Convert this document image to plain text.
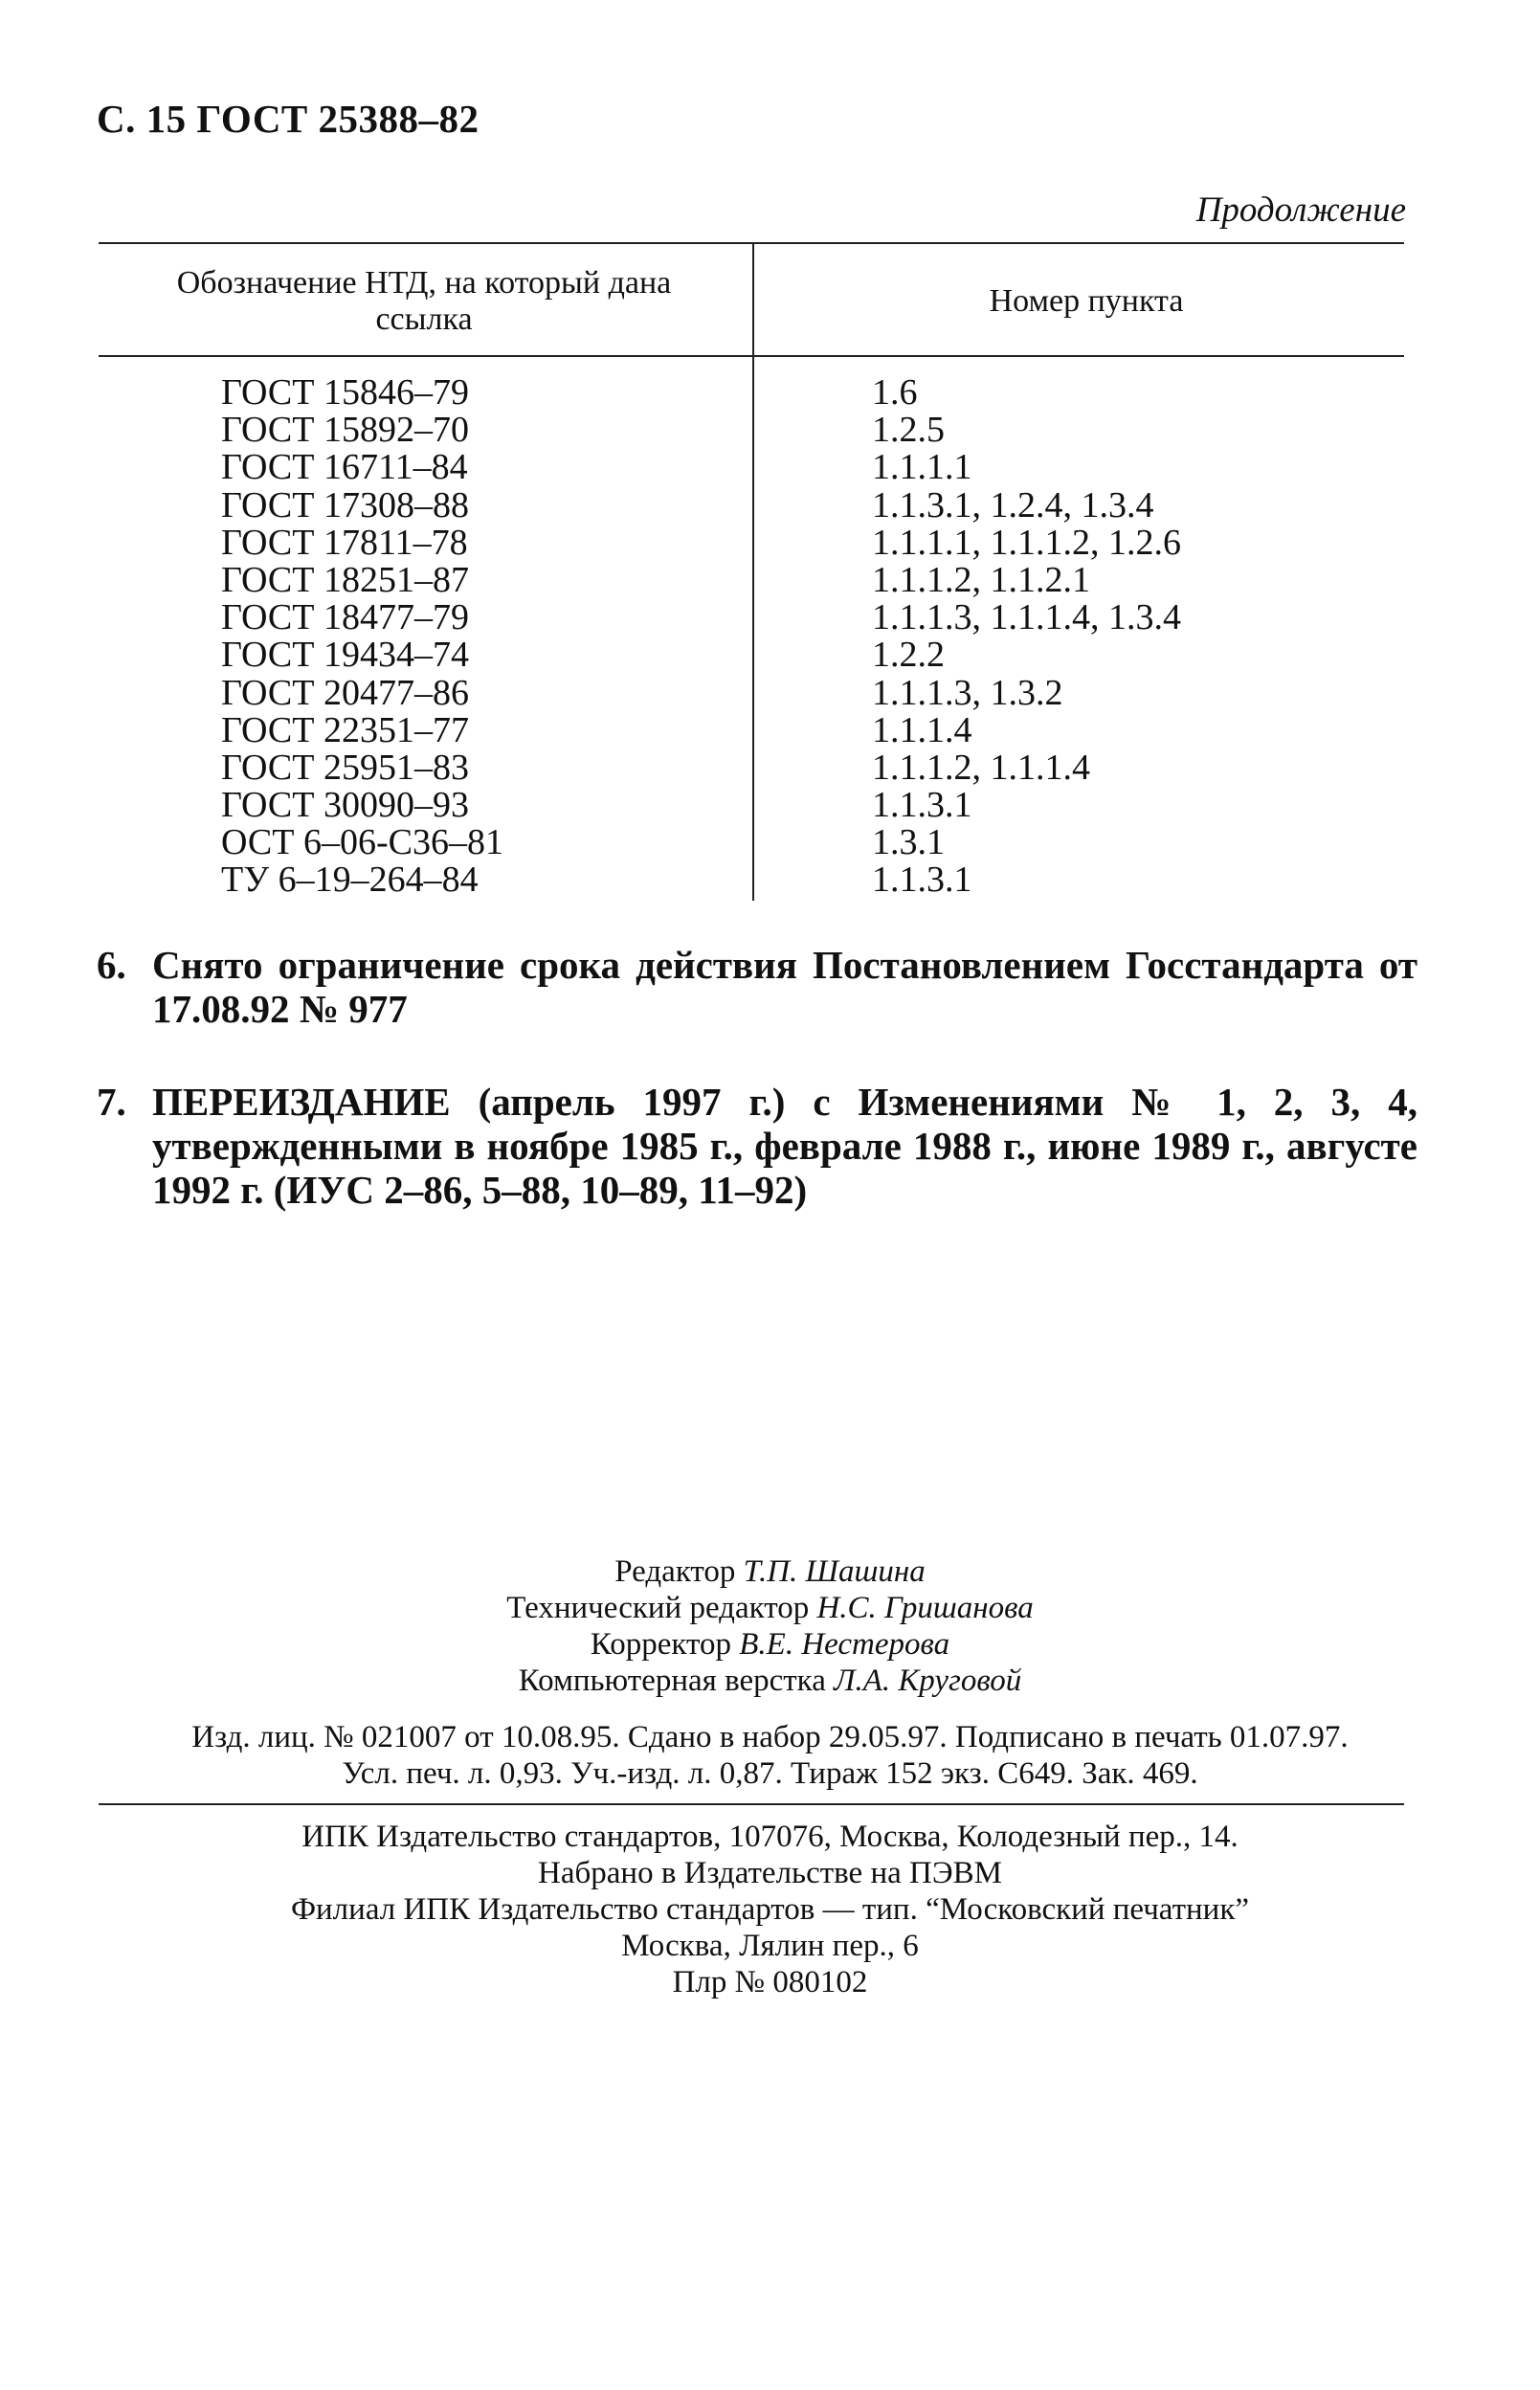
С. 15 ГОСТ 25388–82
Продолжение
Обозначение НТД, на который дана ссылка
Номер пункта
ГОСТ 15846–79	1.6
ГОСТ 15892–70	1.2.5
ГОСТ 16711–84	1.1.1.1
ГОСТ 17308–88	1.1.3.1, 1.2.4, 1.3.4
ГОСТ 17811–78	1.1.1.1, 1.1.1.2, 1.2.6
ГОСТ 18251–87	1.1.1.2, 1.1.2.1
ГОСТ 18477–79	1.1.1.3, 1.1.1.4, 1.3.4
ГОСТ 19434–74	1.2.2
ГОСТ 20477–86	1.1.1.3, 1.3.2
ГОСТ 22351–77	1.1.1.4
ГОСТ 25951–83	1.1.1.2, 1.1.1.4
ГОСТ 30090–93	1.1.3.1
ОСТ 6–06-С36–81	1.3.1
ТУ 6–19–264–84	1.1.3.1
6. Снято ограничение срока действия Постановлением Госстандарта от 17.08.92 № 977
7. ПЕРЕИЗДАНИЕ (апрель 1997 г.) с Изменениями № 1, 2, 3, 4, утвержденными в ноябре 1985 г., феврале 1988 г., июне 1989 г., августе 1992 г. (ИУС 2–86, 5–88, 10–89, 11–92)
Редактор Т.П. Шашина
Технический редактор Н.С. Гришанова
Корректор В.Е. Нестерова
Компьютерная верстка Л.А. Круговой
Изд. лиц. № 021007 от 10.08.95. Сдано в набор 29.05.97. Подписано в печать 01.07.97.
Усл. печ. л. 0,93. Уч.-изд. л. 0,87. Тираж 152 экз. С649. Зак. 469.
ИПК Издательство стандартов, 107076, Москва, Колодезный пер., 14.
Набрано в Издательстве на ПЭВМ
Филиал ИПК Издательство стандартов — тип. “Московский печатник”
Москва, Лялин пер., 6
Плр № 080102
